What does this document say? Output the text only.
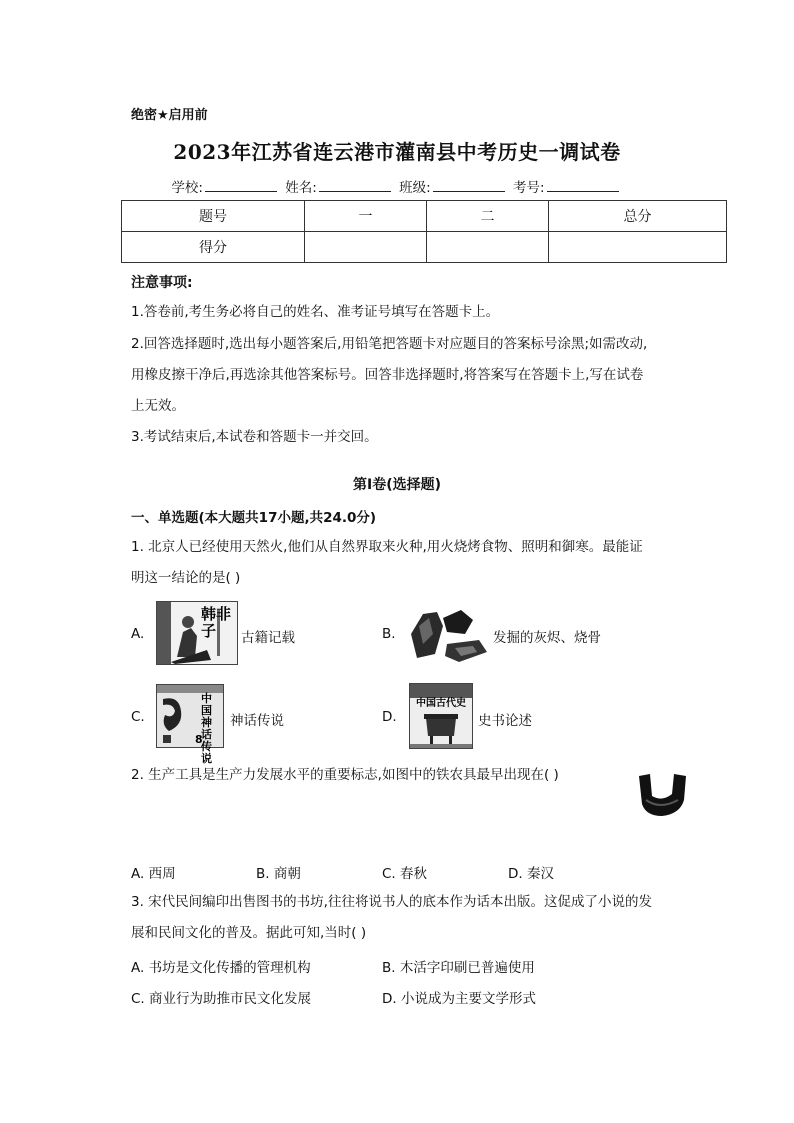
绝密★启用前
2023年江苏省连云港市灌南县中考历史一调试卷
学校:	姓名:	班级:	考号:
题号	一	二	总分
得分			
注意事项:
1.答卷前,考生务必将自己的姓名、准考证号填写在答题卡上。
2.回答选择题时,选出每小题答案后,用铅笔把答题卡对应题目的答案标号涂黑;如需改动,
用橡皮擦干净后,再选涂其他答案标号。回答非选择题时,将答案写在答题卡上,写在试卷
上无效。
3.考试结束后,本试卷和答题卡一并交回。
第I卷(选择题)
一、单选题(本大题共17小题,共24.0分)
1. 北京人已经使用天然火,他们从自然界取来火种,用火烧烤食物、照明和御寒。最能证
明这一结论的是( )
A.
韩非子	古籍记载	B.	发掘的灰烬、烧骨
C.
8
中国神话传说
神话传说	D.
中国古代史
史书论述
2. 生产工具是生产力发展水平的重要标志,如图中的铁农具最早出现在( )
A. 西周	B. 商朝	C. 春秋	D. 秦汉
3. 宋代民间编印出售图书的书坊,往往将说书人的底本作为话本出版。这促成了小说的发
展和民间文化的普及。据此可知,当时( )
A. 书坊是文化传播的管理机构	B. 木活字印刷已普遍使用
C. 商业行为助推市民文化发展	D. 小说成为主要文学形式
